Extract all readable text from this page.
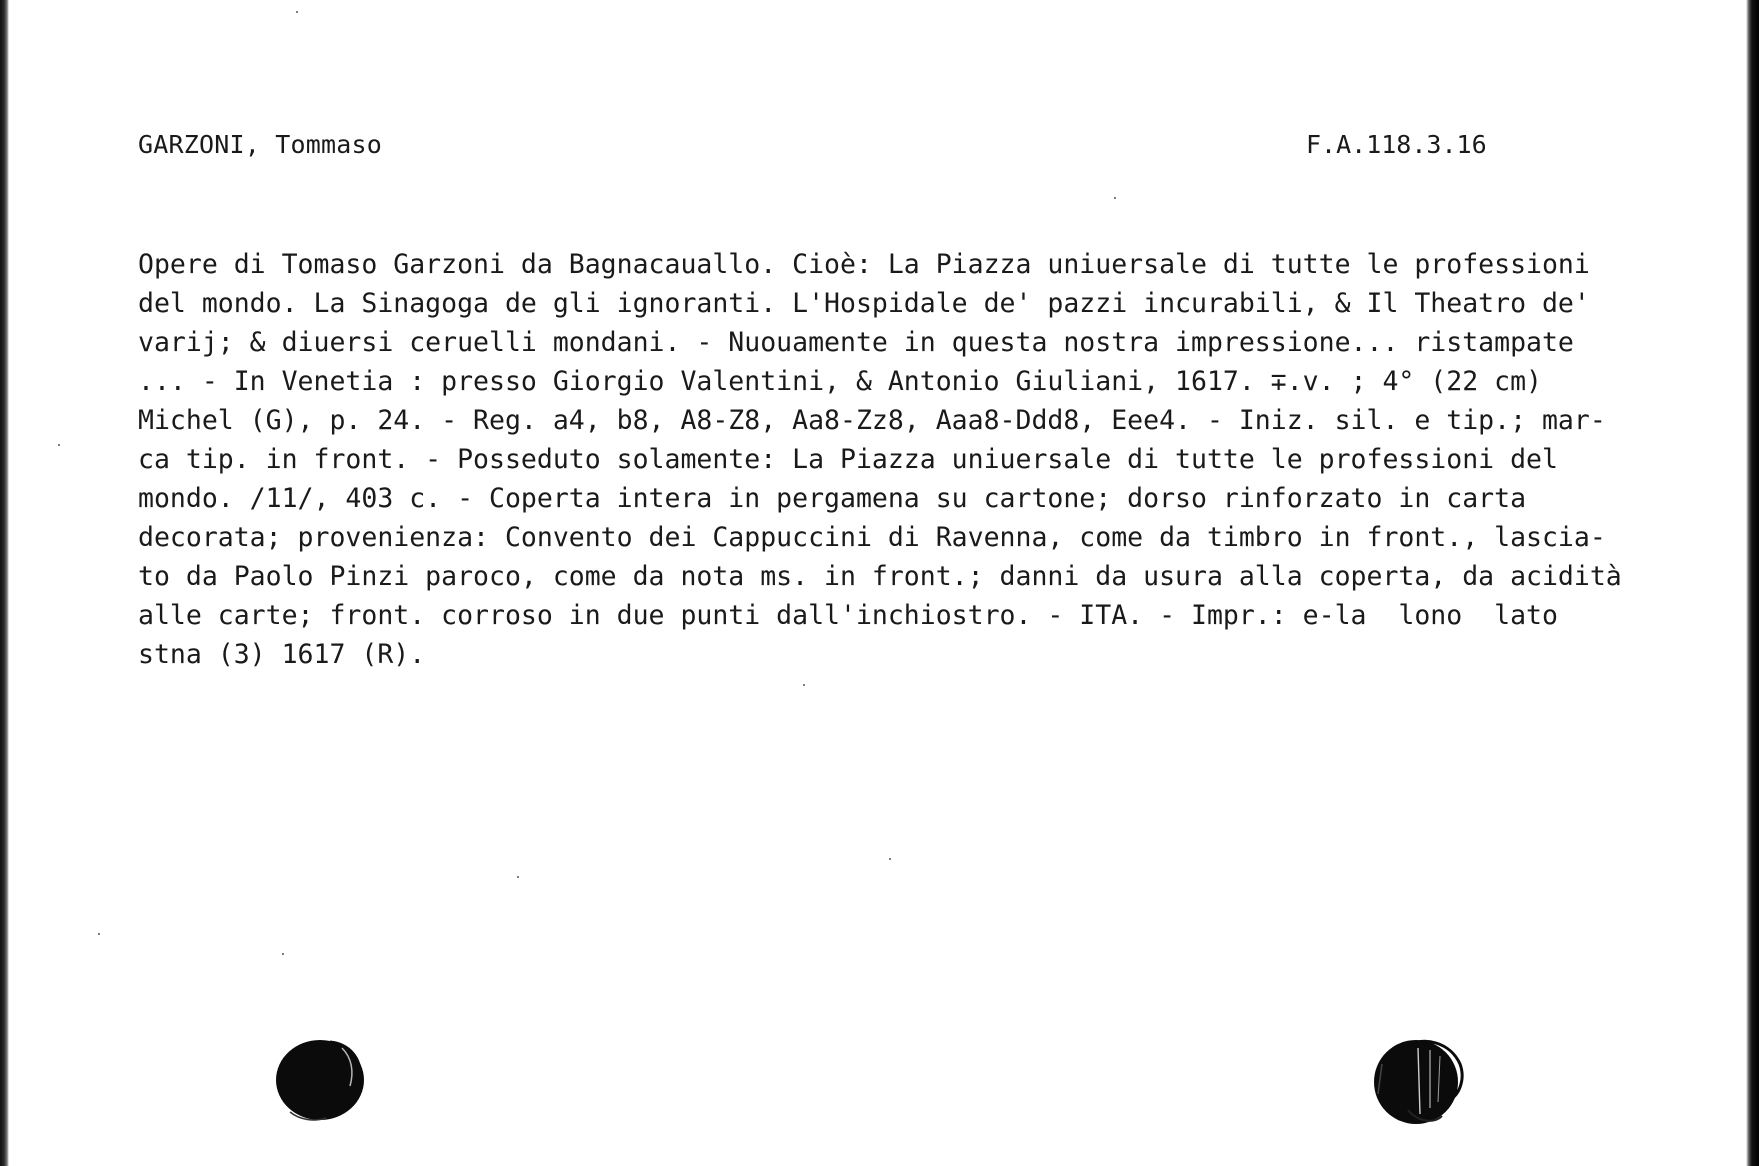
GARZONI, Tommaso	F.A.118.3.16
Opere di Tomaso Garzoni da Bagnacauallo. Cioè: La Piazza uniuersale di tutte le professioni
del mondo. La Sinagoga de gli ignoranti. L'Hospidale de' pazzi incurabili, & Il Theatro de'
varij; & diuersi ceruelli mondani. - Nuouamente in questa nostra impressione... ristampate
... - In Venetia : presso Giorgio Valentini, & Antonio Giuliani, 1617. ∓.v. ; 4° (22 cm)
Michel (G), p. 24. - Reg. a4, b8, A8-Z8, Aa8-Zz8, Aaa8-Ddd8, Eee4. - Iniz. sil. e tip.; mar-
ca tip. in front. - Posseduto solamente: La Piazza uniuersale di tutte le professioni del
mondo. /11/, 403 c. - Coperta intera in pergamena su cartone; dorso rinforzato in carta
decorata; provenienza: Convento dei Cappuccini di Ravenna, come da timbro in front., lascia-
to da Paolo Pinzi paroco, come da nota ms. in front.; danni da usura alla coperta, da acidità
alle carte; front. corroso in due punti dall'inchiostro. - ITA. - Impr.: e-la  lono  lato
stna (3) 1617 (R).
